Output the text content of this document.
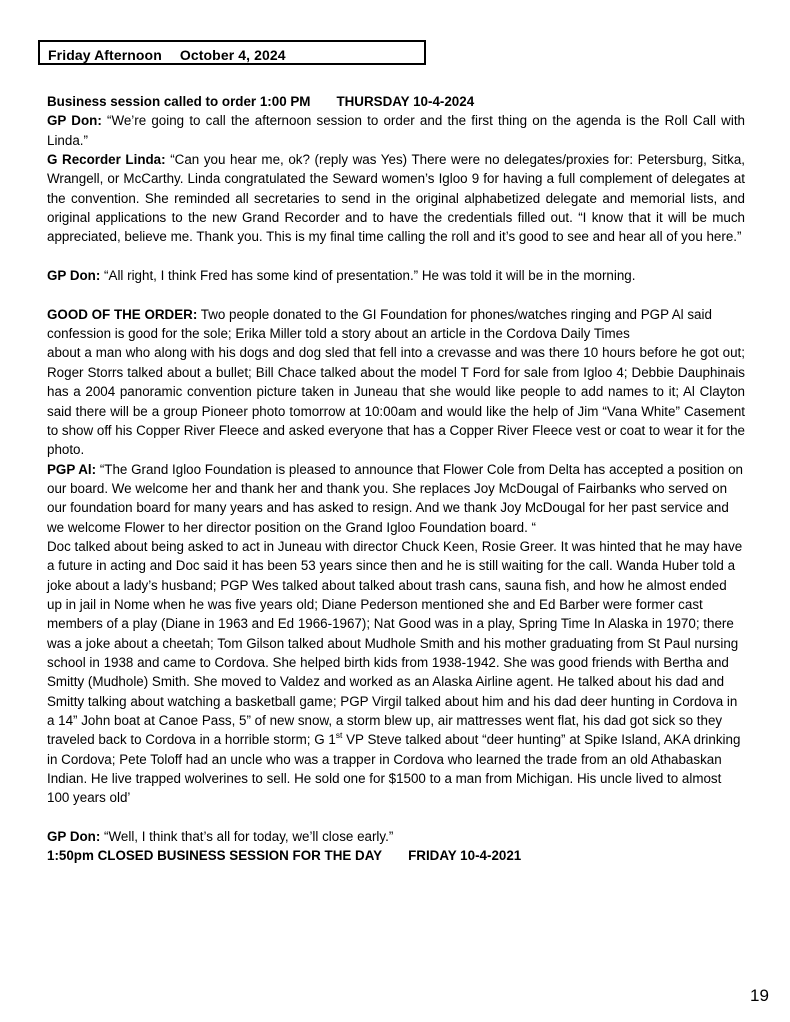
Friday Afternoon October 4, 2024

Business session called to order 1:00 PM THURSDAY 10-4-2024

GP Don: “We’re going to call the afternoon session to order and the first thing on the agenda is the Roll Call with Linda.”

G Recorder Linda: “Can you hear me, ok? (reply was Yes) There were no delegates/proxies for: Petersburg, Sitka, Wrangell, or McCarthy. Linda congratulated the Seward women’s Igloo 9 for having a full complement of delegates at the convention. She reminded all secretaries to send in the original alphabetized delegate and memorial lists, and original applications to the new Grand Recorder and to have the credentials filled out. “I know that it will be much appreciated, believe me. Thank you. This is my final time calling the roll and it’s good to see and hear all of you here.”

GP Don: “All right, I think Fred has some kind of presentation.” He was told it will be in the morning.

GOOD OF THE ORDER: Two people donated to the GI Foundation for phones/watches ringing and PGP Al said confession is good for the sole; Erika Miller told a story about an article in the Cordova Daily Times

about a man who along with his dogs and dog sled that fell into a crevasse and was there 10 hours before he got out; Roger Storrs talked about a bullet; Bill Chace talked about the model T Ford for sale from Igloo 4; Debbie Dauphinais has a 2004 panoramic convention picture taken in Juneau that she would like people to add names to it; Al Clayton said there will be a group Pioneer photo tomorrow at 10:00am and would like the help of Jim “Vana White” Casement to show off his Copper River Fleece and asked everyone that has a Copper River Fleece vest or coat to wear it for the photo.

PGP Al: “The Grand Igloo Foundation is pleased to announce that Flower Cole from Delta has accepted a position on our board. We welcome her and thank her and thank you. She replaces Joy McDougal of Fairbanks who served on our foundation board for many years and has asked to resign. And we thank Joy McDougal for her past service and we welcome Flower to her director position on the Grand Igloo Foundation board. “

Doc talked about being asked to act in Juneau with director Chuck Keen, Rosie Greer. It was hinted that he may have a future in acting and Doc said it has been 53 years since then and he is still waiting for the call. Wanda Huber told a joke about a lady’s husband; PGP Wes talked about talked about trash cans, sauna fish, and how he almost ended up in jail in Nome when he was five years old; Diane Pederson mentioned she and Ed Barber were former cast members of a play (Diane in 1963 and Ed 1966-1967); Nat Good was in a play, Spring Time In Alaska in 1970; there was a joke about a cheetah; Tom Gilson talked about Mudhole Smith and his mother graduating from St Paul nursing school in 1938 and came to Cordova. She helped birth kids from 1938-1942. She was good friends with Bertha and Smitty (Mudhole) Smith. She moved to Valdez and worked as an Alaska Airline agent. He talked about his dad and Smitty talking about watching a basketball game; PGP Virgil talked about him and his dad deer hunting in Cordova in a 14” John boat at Canoe Pass, 5” of new snow, a storm blew up, air mattresses went flat, his dad got sick so they traveled back to Cordova in a horrible storm; G 1st VP Steve talked about “deer hunting” at Spike Island, AKA drinking in Cordova; Pete Toloff had an uncle who was a trapper in Cordova who learned the trade from an old Athabaskan Indian. He live trapped wolverines to sell. He sold one for $1500 to a man from Michigan. His uncle lived to almost 100 years old’

GP Don: “Well, I think that’s all for today, we’ll close early.”

1:50pm CLOSED BUSINESS SESSION FOR THE DAY FRIDAY 10-4-2021

19
